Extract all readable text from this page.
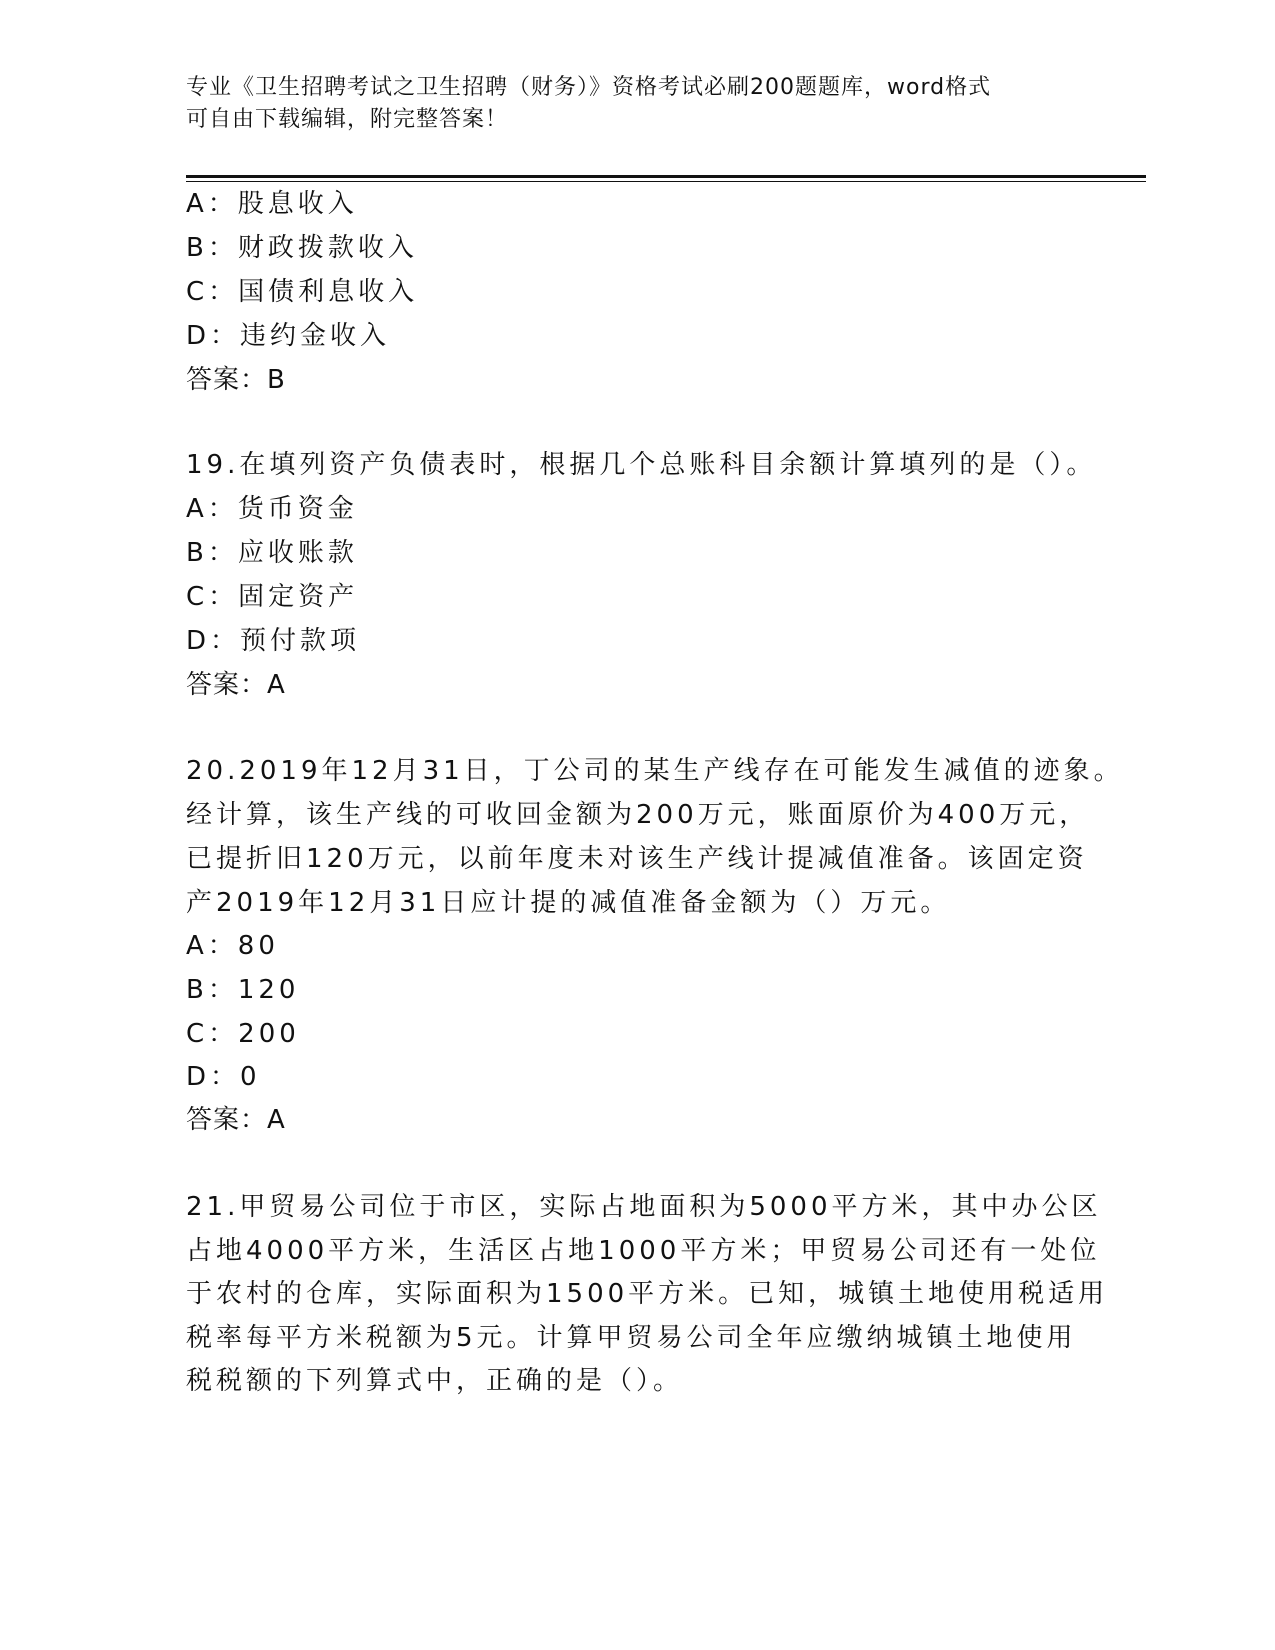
专业《卫生招聘考试之卫生招聘（财务）》资格考试必刷200题题库，word格式
可自由下载编辑，附完整答案！
A：股息收入
B：财政拨款收入
C：国债利息收入
D：违约金收入
答案：B
19.在填列资产负债表时，根据几个总账科目余额计算填列的是（）。
A：货币资金
B：应收账款
C：固定资产
D：预付款项
答案：A
20.2019年12月31日，丁公司的某生产线存在可能发生减值的迹象。
经计算，该生产线的可收回金额为200万元，账面原价为400万元，
已提折旧120万元，以前年度未对该生产线计提减值准备。该固定资
产2019年12月31日应计提的减值准备金额为（）万元。
A：80
B：120
C：200
D：0
答案：A
21.甲贸易公司位于市区，实际占地面积为5000平方米，其中办公区
占地4000平方米，生活区占地1000平方米；甲贸易公司还有一处位
于农村的仓库，实际面积为1500平方米。已知，城镇土地使用税适用
税率每平方米税额为5元。计算甲贸易公司全年应缴纳城镇土地使用
税税额的下列算式中，正确的是（）。
